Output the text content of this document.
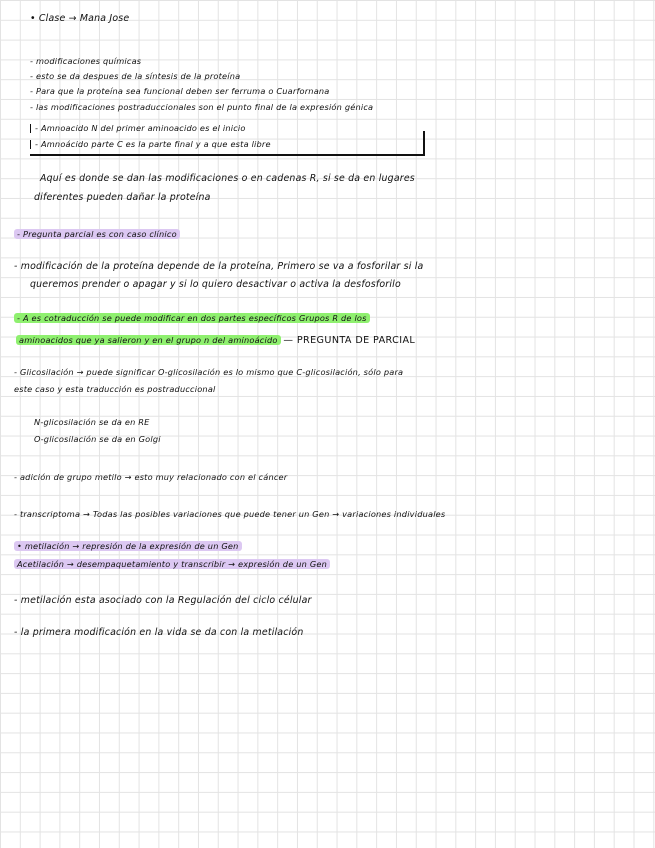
• Clase → Mana Jose
- modificaciones químicas
- esto se da despues de la síntesis de la proteína
- Para que la proteína sea funcional deben ser ferruma o Cuarfornana
- las modificaciones postraduccionales son el punto final de la expresión génica
- Amnoacido N del primer aminoacido es el inicio
- Amnoácido parte C es la parte final y a que esta libre
Aquí es donde se dan las modificaciones o en cadenas R, si se da en lugares
diferentes pueden dañar la proteína
- Pregunta parcial es con caso clínico
- modificación de la proteína depende de la proteína, Primero se va a fosforilar si la
queremos prender o apagar y si lo quiero desactivar o activa la desfosforilo
- A es cotraducción se puede modificar en dos partes específicos Grupos R de los
aminoacidos que ya salieron y en el grupo n del aminoácido — PREGUNTA DE PARCIAL
- Glicosilación → puede significar O-glicosilación es lo mismo que C-glicosilación, sólo para
este caso y esta traducción es postraduccional
N-glicosilación se da en RE
O-glicosilación se da en Golgi
- adición de grupo metilo → esto muy relacionado con el cáncer
- transcriptoma → Todas las posibles variaciones que puede tener un Gen → variaciones individuales
• metilación → represión de la expresión de un Gen
Acetilación → desempaquetamiento y transcribir → expresión de un Gen
- metilación esta asociado con la Regulación del ciclo célular
- la primera modificación en la vida se da con la metilación
